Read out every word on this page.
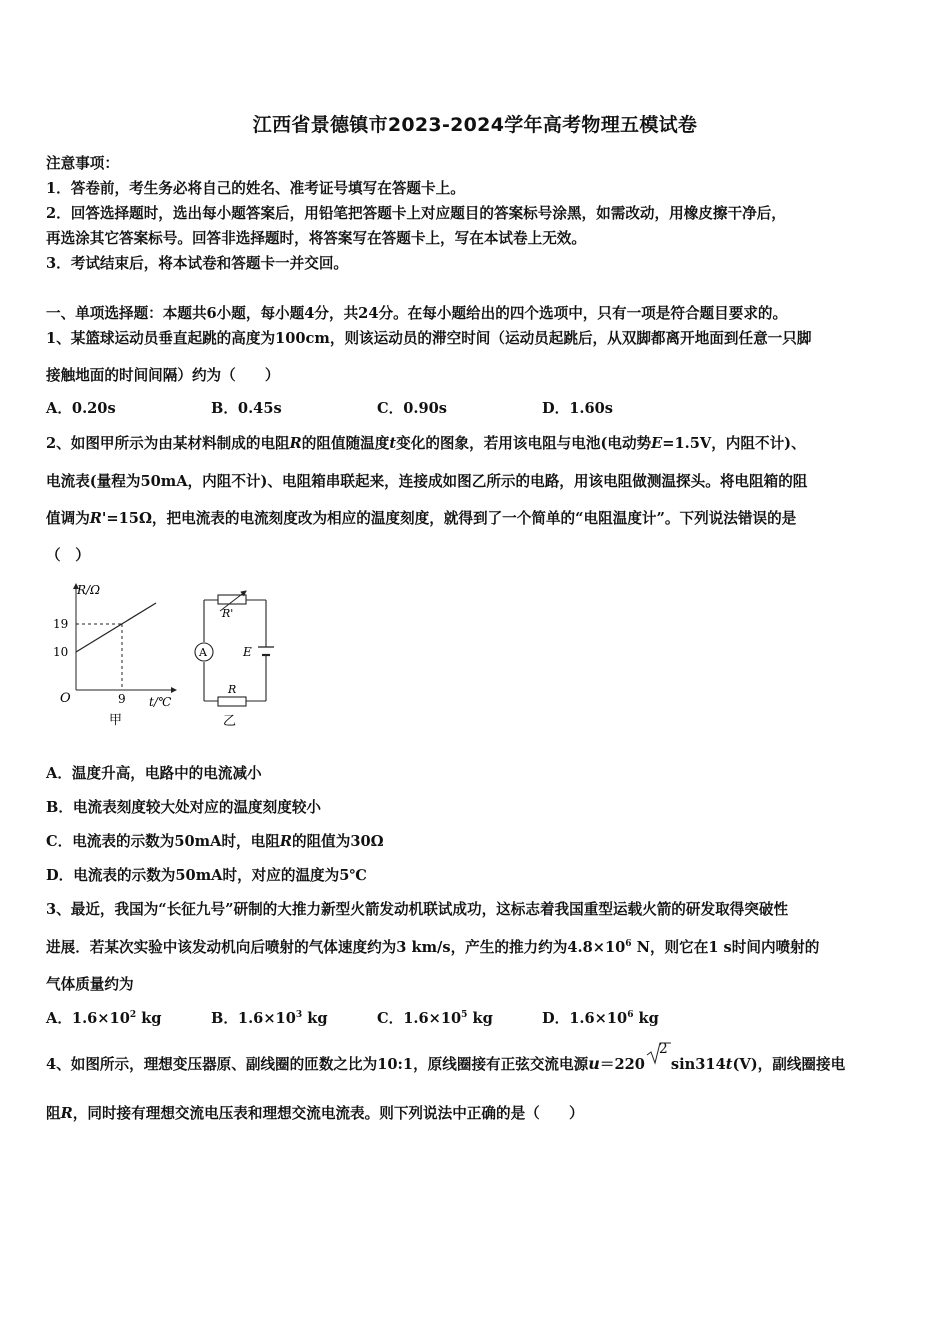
江西省景德镇市2023-2024学年高考物理五模试卷
注意事项：
1．答卷前，考生务必将自己的姓名、准考证号填写在答题卡上。
2．回答选择题时，选出每小题答案后，用铅笔把答题卡上对应题目的答案标号涂黑，如需改动，用橡皮擦干净后，
再选涂其它答案标号。回答非选择题时，将答案写在答题卡上，写在本试卷上无效。
3．考试结束后，将本试卷和答题卡一并交回。
一、单项选择题：本题共6小题，每小题4分，共24分。在每小题给出的四个选项中，只有一项是符合题目要求的。
1、某篮球运动员垂直起跳的高度为100cm，则该运动员的滞空时间（运动员起跳后，从双脚都离开地面到任意一只脚
接触地面的时间间隔）约为（　　）
A．0.20s	B．0.45s	C．0.90s	D．1.60s
2、如图甲所示为由某材料制成的电阻R的阻值随温度t变化的图象，若用该电阻与电池(电动势E=1.5V，内阻不计)、
电流表(量程为50mA，内阻不计)、电阻箱串联起来，连接成如图乙所示的电路，用该电阻做测温探头。将电阻箱的阻
值调为R'=15Ω，把电流表的电流刻度改为相应的温度刻度，就得到了一个简单的“电阻温度计”。下列说法错误的是
（　）
R/Ω
19
10
O	9 t/℃
甲
R'
A	E
R
乙
A．温度升高，电路中的电流减小
B．电流表刻度较大处对应的温度刻度较小
C．电流表的示数为50mA时，电阻R的阻值为30Ω
D．电流表的示数为50mA时，对应的温度为5℃
3、最近，我国为“长征九号”研制的大推力新型火箭发动机联试成功，这标志着我国重型运载火箭的研发取得突破性
进展．若某次实验中该发动机向后喷射的气体速度约为3 km/s，产生的推力约为$4.8\times 10^6$ N，则它在1 s时间内喷射的
气体质量约为
A．$1.6\times 10^2$ kg	B．$1.6\times 10^3$ kg	C．$1.6\times 10^5$ kg	D．$1.6\times 10^6$ kg
4、如图所示，理想变压器原、副线圈的匝数之比为10:1，原线圈接有正弦交流电源u＝220
2
sin314t(V)，副线圈接电
阻R，同时接有理想交流电压表和理想交流电流表。则下列说法中正确的是（　　）
